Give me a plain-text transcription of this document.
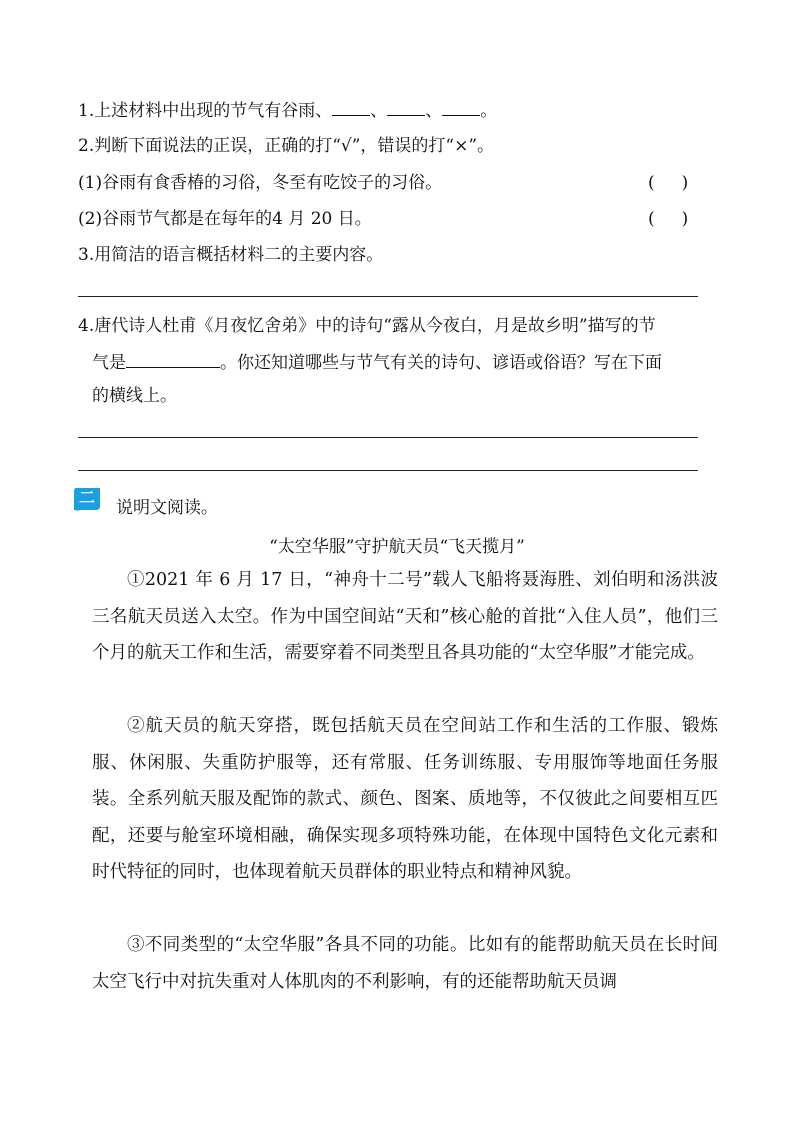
1.上述材料中出现的节气有谷雨、 、 、 。
2.判断下面说法的正误，正确的打“√”，错误的打“×”。
(1)谷雨有食香椿的习俗，冬至有吃饺子的习俗。	(     )
(2)谷雨节气都是在每年的4 月 20 日。	(     )
3.用简洁的语言概括材料二的主要内容。
4.唐代诗人杜甫《月夜忆舍弟》中的诗句“露从今夜白，月是故乡明”描写的节
气是	。你还知道哪些与节气有关的诗句、谚语或俗语？写在下面
的横线上。
二
说明文阅读。
“太空华服”守护航天员“飞天揽月”
①2021 年 6 月 17 日，“神舟十二号”载人飞船将聂海胜、刘伯明和汤洪波三名航天员送入太空。作为中国空间站“天和”核心舱的首批“入住人员”，他们三个月的航天工作和生活，需要穿着不同类型且各具功能的“太空华服”才能完成。
②航天员的航天穿搭，既包括航天员在空间站工作和生活的工作服、锻炼服、休闲服、失重防护服等，还有常服、任务训练服、专用服饰等地面任务服装。全系列航天服及配饰的款式、颜色、图案、质地等，不仅彼此之间要相互匹配，还要与舱室环境相融，确保实现多项特殊功能，在体现中国特色文化元素和时代特征的同时，也体现着航天员群体的职业特点和精神风貌。
③不同类型的“太空华服”各具不同的功能。比如有的能帮助航天员在长时间太空飞行中对抗失重对人体肌肉的不利影响，有的还能帮助航天员调
